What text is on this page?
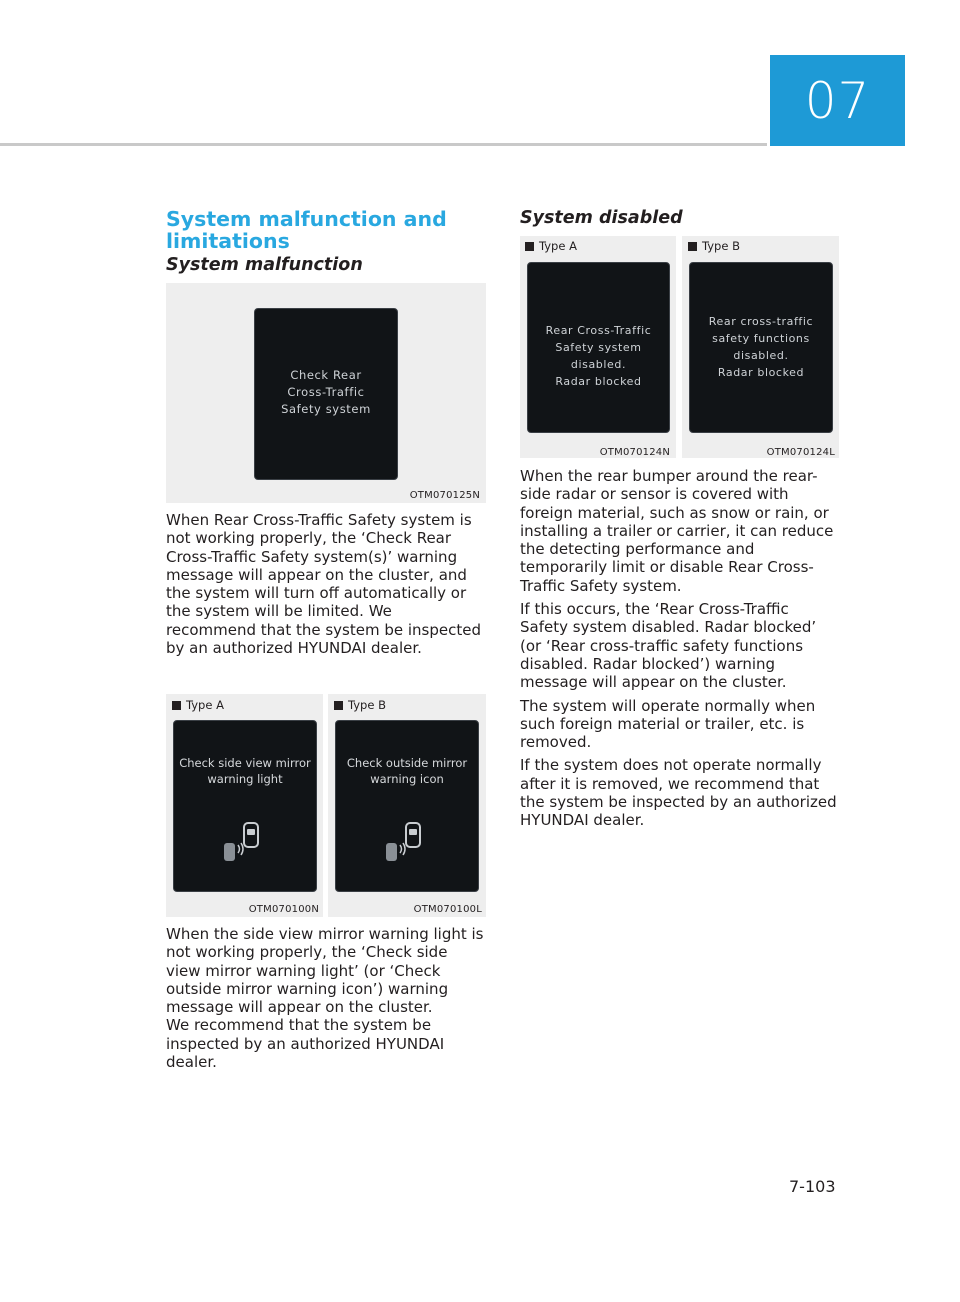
07
System malfunction and
limitations
System malfunction
Check Rear
Cross-Traffic
Safety system
OTM070125N

When Rear Cross-Traffic Safety system is not working properly, the ‘Check Rear Cross-Traffic Safety system(s)’ warning message will appear on the cluster, and the system will turn off automatically or the system will be limited. We recommend that the system be inspected by an authorized HYUNDAI dealer.

Type A
Check side view mirror
warning light
OTM070100N
Type B
Check outside mirror
warning icon
OTM070100L

When the side view mirror warning light is not working properly, the ‘Check side view mirror warning light’ (or ‘Check outside mirror warning icon’) warning message will appear on the cluster.

We recommend that the system be inspected by an authorized HYUNDAI dealer.

System disabled
Type A
Rear Cross-Traffic
Safety system disabled.
Radar blocked
OTM070124N
Type B
Rear cross-traffic
safety functions
disabled.
Radar blocked
OTM070124L

When the rear bumper around the rear-side radar or sensor is covered with foreign material, such as snow or rain, or installing a trailer or carrier, it can reduce the detecting performance and temporarily limit or disable Rear Cross-Traffic Safety system.

If this occurs, the ‘Rear Cross-Traffic Safety system disabled. Radar blocked’ (or ‘Rear cross-traffic safety functions disabled. Radar blocked’) warning message will appear on the cluster.

The system will operate normally when such foreign material or trailer, etc. is removed.

If the system does not operate normally after it is removed, we recommend that the system be inspected by an authorized HYUNDAI dealer.

7-103
